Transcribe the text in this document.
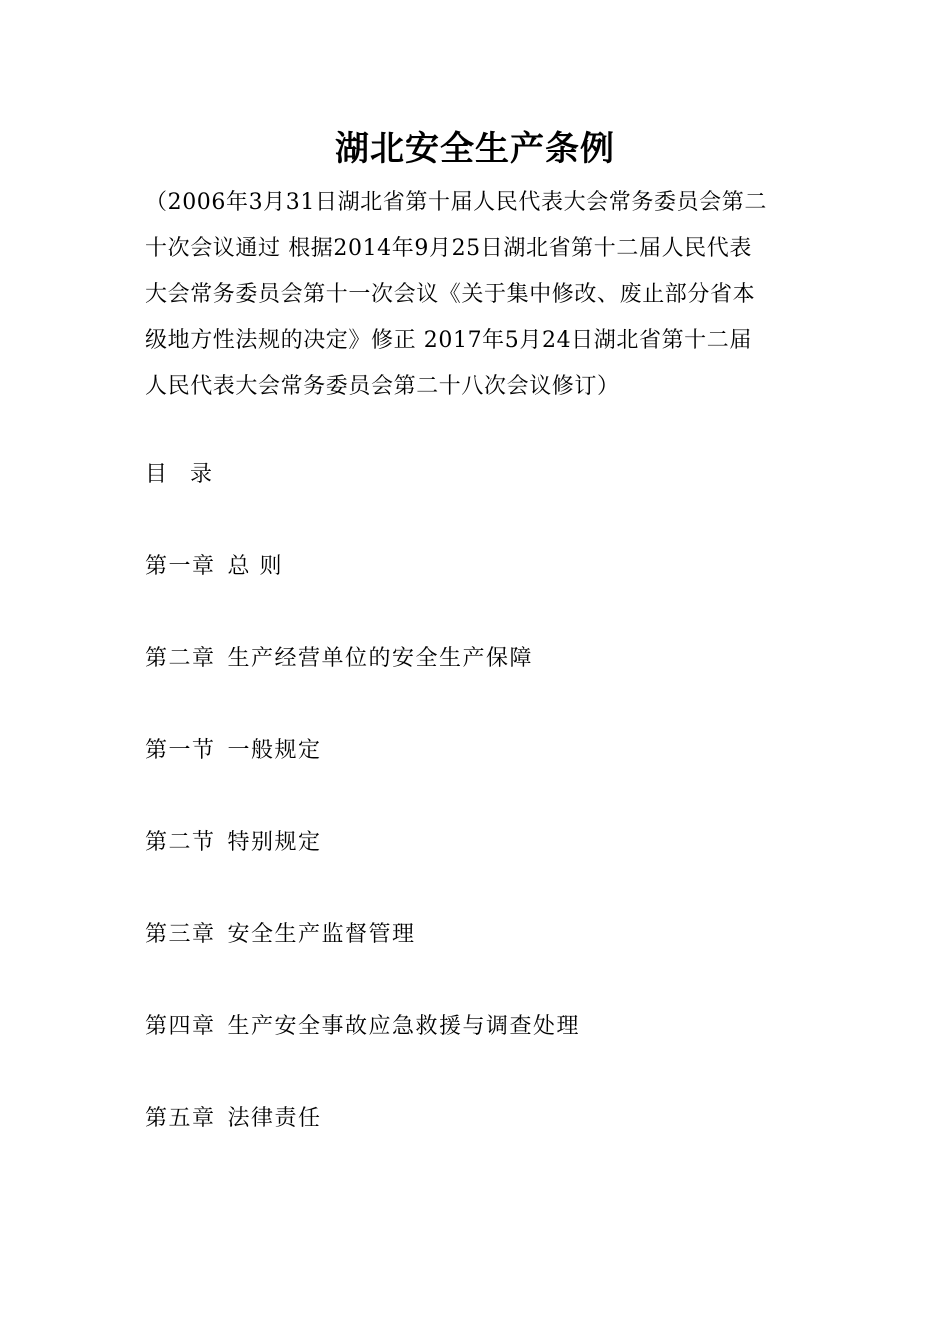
湖北安全生产条例

（2006年3月31日湖北省第十届人民代表大会常务委员会第二
十次会议通过 根据2014年9月25日湖北省第十二届人民代表
大会常务委员会第十一次会议《关于集中修改、废止部分省本
级地方性法规的决定》修正 2017年5月24日湖北省第十二届
人民代表大会常务委员会第二十八次会议修订）

目 录
第一章 总 则
第二章 生产经营单位的安全生产保障
第一节 一般规定
第二节 特别规定
第三章 安全生产监督管理
第四章 生产安全事故应急救援与调查处理
第五章 法律责任
